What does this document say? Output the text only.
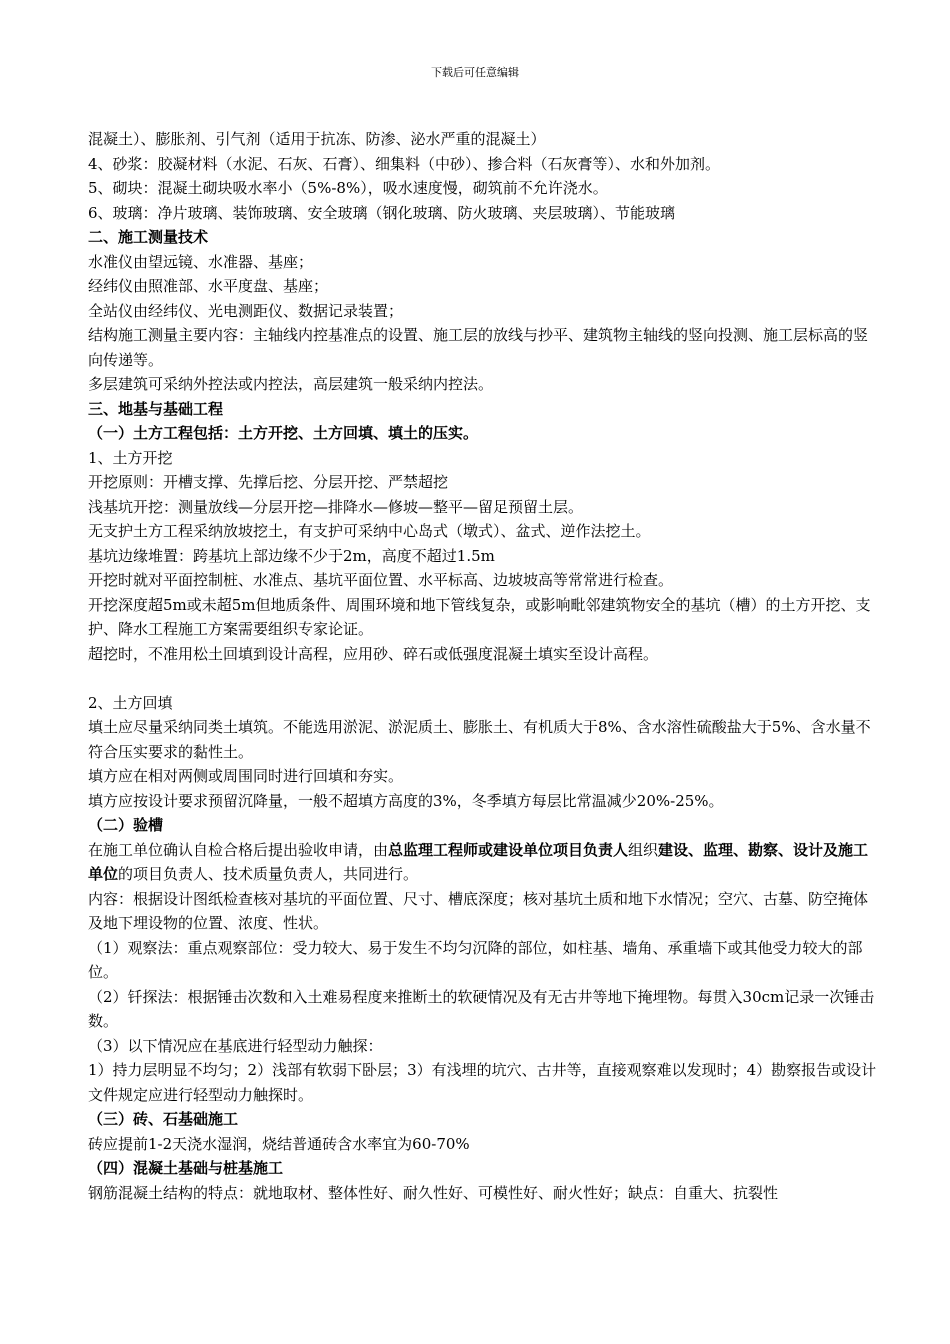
下载后可任意编辑

混凝土）、膨胀剂、引气剂（适用于抗冻、防渗、泌水严重的混凝土）

4、砂浆：胶凝材料（水泥、石灰、石膏）、细集料（中砂）、掺合料（石灰膏等）、水和外加剂。

5、砌块：混凝土砌块吸水率小（5%-8%），吸水速度慢，砌筑前不允许浇水。

6、玻璃：净片玻璃、装饰玻璃、安全玻璃（钢化玻璃、防火玻璃、夹层玻璃）、节能玻璃

二、施工测量技术

水准仪由望远镜、水准器、基座；

经纬仪由照准部、水平度盘、基座；

全站仪由经纬仪、光电测距仪、数据记录装置；

结构施工测量主要内容：主轴线内控基准点的设置、施工层的放线与抄平、建筑物主轴线的竖向投测、施工层标高的竖向传递等。

多层建筑可采纳外控法或内控法，高层建筑一般采纳内控法。

三、地基与基础工程

（一）土方工程包括：土方开挖、土方回填、填土的压实。

1、土方开挖

开挖原则：开槽支撑、先撑后挖、分层开挖、严禁超挖

浅基坑开挖：测量放线—分层开挖—排降水—修坡—整平—留足预留土层。

无支护土方工程采纳放坡挖土，有支护可采纳中心岛式（墩式）、盆式、逆作法挖土。

基坑边缘堆置：跨基坑上部边缘不少于2m，高度不超过1.5m

开挖时就对平面控制桩、水准点、基坑平面位置、水平标高、边坡坡高等常常进行检查。

开挖深度超5m或未超5m但地质条件、周围环境和地下管线复杂，或影响毗邻建筑物安全的基坑（槽）的土方开挖、支护、降水工程施工方案需要组织专家论证。

超挖时，不准用松土回填到设计高程，应用砂、碎石或低强度混凝土填实至设计高程。

2、土方回填

填土应尽量采纳同类土填筑。不能选用淤泥、淤泥质土、膨胀土、有机质大于8%、含水溶性硫酸盐大于5%、含水量不符合压实要求的黏性土。

填方应在相对两侧或周围同时进行回填和夯实。

填方应按设计要求预留沉降量，一般不超填方高度的3%，冬季填方每层比常温减少20%-25%。

（二）验槽

在施工单位确认自检合格后提出验收申请，由总监理工程师或建设单位项目负责人组织建设、监理、勘察、设计及施工单位的项目负责人、技术质量负责人，共同进行。

内容：根据设计图纸检查核对基坑的平面位置、尺寸、槽底深度；核对基坑土质和地下水情况；空穴、古墓、防空掩体及地下埋设物的位置、浓度、性状。

（1）观察法：重点观察部位：受力较大、易于发生不均匀沉降的部位，如柱基、墙角、承重墙下或其他受力较大的部位。

（2）钎探法：根据锤击次数和入土难易程度来推断土的软硬情况及有无古井等地下掩埋物。每贯入30cm记录一次锤击数。

（3）以下情况应在基底进行轻型动力触探：

1）持力层明显不均匀；2）浅部有软弱下卧层；3）有浅埋的坑穴、古井等，直接观察难以发现时；4）勘察报告或设计文件规定应进行轻型动力触探时。

（三）砖、石基础施工

砖应提前1-2天浇水湿润，烧结普通砖含水率宜为60-70%

（四）混凝土基础与桩基施工

钢筋混凝土结构的特点：就地取材、整体性好、耐久性好、可模性好、耐火性好；缺点：自重大、抗裂性
